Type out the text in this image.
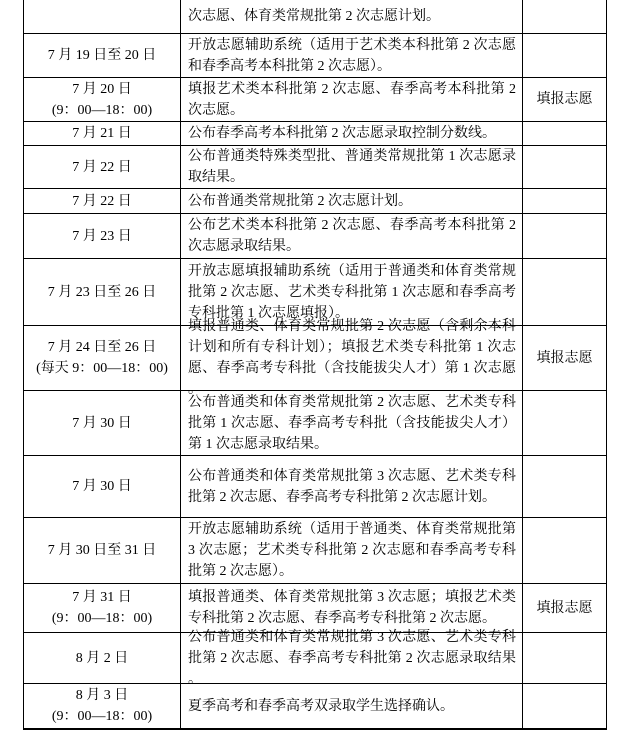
次志愿、体育类常规批第 2 次志愿计划。
7 月 19 日至 20 日
开放志愿辅助系统（适用于艺术类本科批第 2 次志愿和春季高考本科批第 2 次志愿）。
7 月 20 日
(9：00—18：00)
填报艺术类本科批第 2 次志愿、春季高考本科批第 2 次志愿。
填报志愿
7 月 21 日	公布春季高考本科批第 2 次志愿录取控制分数线。
7 月 22 日
公布普通类特殊类型批、普通类常规批第 1 次志愿录取结果。
7 月 22 日	公布普通类常规批第 2 次志愿计划。
7 月 23 日
公布艺术类本科批第 2 次志愿、春季高考本科批第 2 次志愿录取结果。
7 月 23 日至 26 日
开放志愿填报辅助系统（适用于普通类和体育类常规批第 2 次志愿、艺术类专科批第 1 次志愿和春季高考专科批第 1 次志愿填报）。
7 月 24 日至 26 日
(每天 9：00—18：00)
填报普通类、体育类常规批第 2 次志愿（含剩余本科计划和所有专科计划）；填报艺术类专科批第 1 次志愿、春季高考专科批（含技能拔尖人才）第 1 次志愿。
填报志愿
7 月 30 日
公布普通类和体育类常规批第 2 次志愿、艺术类专科批第 1 次志愿、春季高考专科批（含技能拔尖人才）第 1 次志愿录取结果。
7 月 30 日
公布普通类和体育类常规批第 3 次志愿、艺术类专科批第 2 次志愿、春季高考专科批第 2 次志愿计划。
7 月 30 日至 31 日
开放志愿辅助系统（适用于普通类、体育类常规批第 3 次志愿；艺术类专科批第 2 次志愿和春季高考专科批第 2 次志愿）。
7 月 31 日
(9：00—18：00)
填报普通类、体育类常规批第 3 次志愿；填报艺术类专科批第 2 次志愿、春季高考专科批第 2 次志愿。
填报志愿
8 月 2 日
公布普通类和体育类常规批第 3 次志愿、艺术类专科批第 2 次志愿、春季高考专科批第 2 次志愿录取结果。
8 月 3 日
(9：00—18：00)
夏季高考和春季高考双录取学生选择确认。
